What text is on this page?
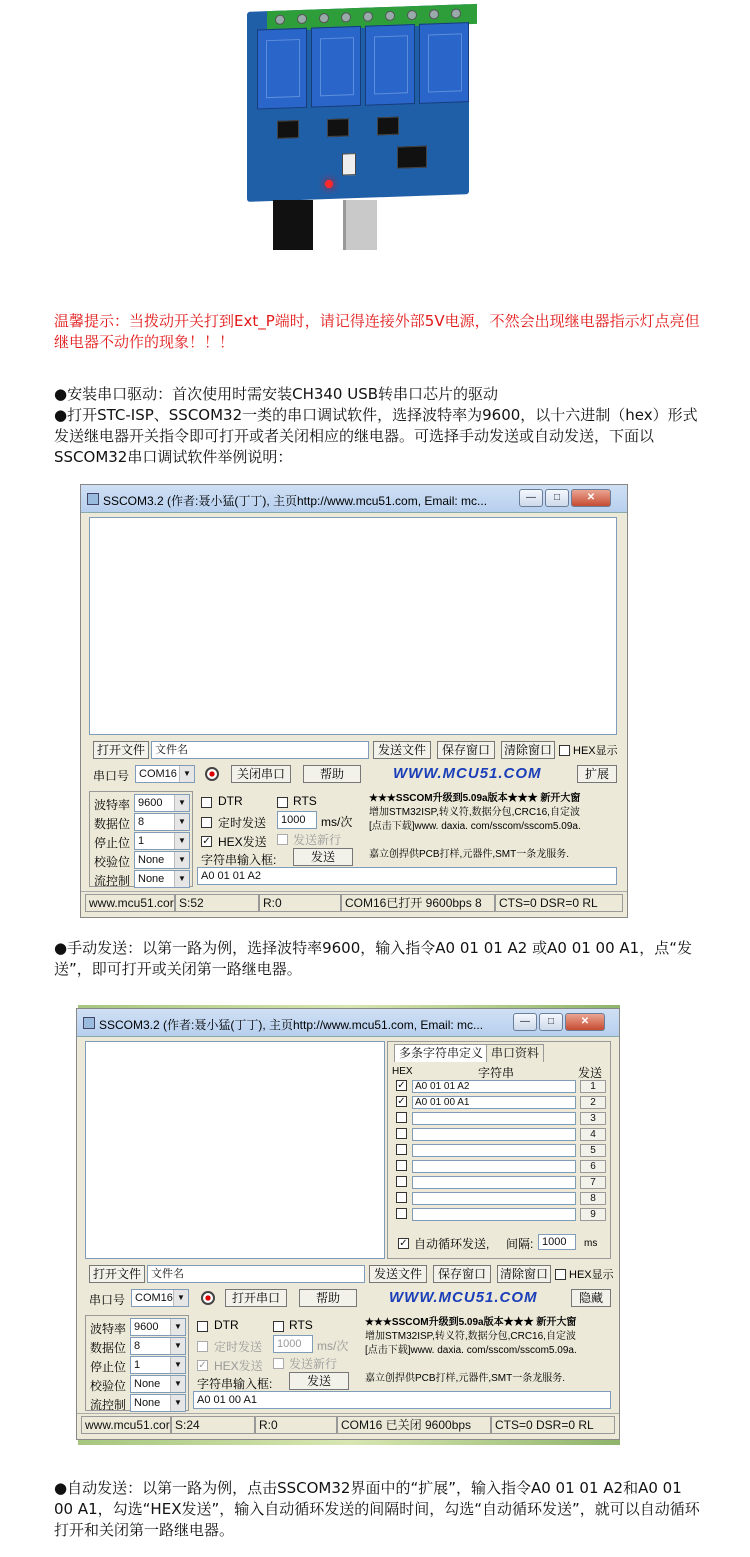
温馨提示：当拨动开关打到Ext_P端时，请记得连接外部5V电源，不然会出现继电器指示灯点亮但继电器不动作的现象！！！
●安装串口驱动：首次使用时需安装CH340 USB转串口芯片的驱动
●打开STC-ISP、SSCOM32一类的串口调试软件，选择波特率为9600，以十六进制（hex）形式发送继电器开关指令即可打开或者关闭相应的继电器。可选择手动发送或自动发送，下面以SSCOM32串口调试软件举例说明：
SSCOM3.2 (作者:聂小猛(丁丁), 主页http://www.mcu51.com, Email: mc...	—	□	✕
打开文件 文件名	发送文件	保存窗口	清除窗口 HEX显示
串口号 COM16 ▼	关闭串口	帮助	WWW.MCU51.COM	扩展
波特率 9600 ▼
数据位 8 ▼
停止位 1 ▼
校验位 None ▼
流控制 None ▼
DTR	RTS
定时发送	1000	ms/次
✓ HEX发送 发送新行
字符串输入框:	发送
★★★SSCOM升级到5.09a版本★★★ 新开大窗
增加STM32ISP,转义符,数据分包,CRC16,自定波
[点击下载]www. daxia. com/sscom/sscom5.09a.
嘉立创捍供PCB打样,元器件,SMT一条龙服务.
A0 01 01 A2
www.mcu51.cor S:52	R:0	COM16已打开 9600bps 8	CTS=0 DSR=0 RL
●手动发送：以第一路为例，选择波特率9600，输入指令A0 01 01 A2 或A0 01 00 A1，点“发送”，即可打开或关闭第一路继电器。
SSCOM3.2 (作者:聂小猛(丁丁), 主页http://www.mcu51.com, Email: mc...	—	□	✕
多条字符串定义 串口资料
HEX	字符串	发送
✓ A0 01 01 A2	1
✓ A0 01 00 A1	2
3
4
5
6
7
8
9
✓ 自动循环发送, 间隔: 1000	ms
打开文件 文件名	发送文件	保存窗口	清除窗口 HEX显示
串口号 COM16 ▼	打开串口	帮助	WWW.MCU51.COM	隐藏
波特率 9600 ▼
数据位 8 ▼
停止位 1 ▼
校验位 None ▼
流控制 None ▼
DTR	RTS
定时发送	1000	ms/次
✓ HEX发送 发送新行
字符串输入框:	发送
★★★SSCOM升级到5.09a版本★★★ 新开大窗
增加STM32ISP,转义符,数据分包,CRC16,自定波
[点击下载]www. daxia. com/sscom/sscom5.09a.
嘉立创捍供PCB打样,元器件,SMT一条龙服务.
A0 01 00 A1
www.mcu51.cor S:24	R:0	COM16 已关闭 9600bps	CTS=0 DSR=0 RL
●自动发送：以第一路为例，点击SSCOM32界面中的“扩展”，输入指令A0 01 01 A2和A0 01 00 A1，勾选“HEX发送”，输入自动循环发送的间隔时间，勾选“自动循环发送”，就可以自动循环打开和关闭第一路继电器。
